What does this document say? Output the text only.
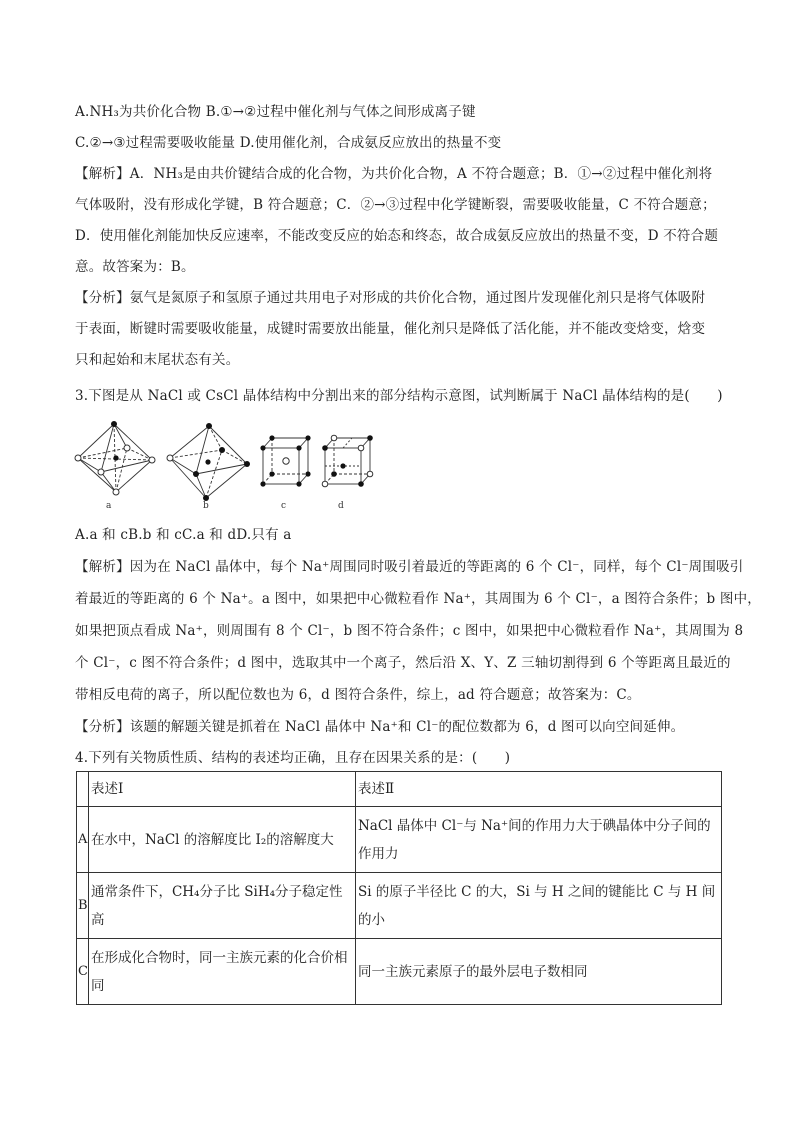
A.NH₃为共价化合物 B.①→②过程中催化剂与气体之间形成离子键
C.②→③过程需要吸收能量 D.使用催化剂，合成氨反应放出的热量不变
【解析】A．NH₃是由共价键结合成的化合物，为共价化合物，A 不符合题意；B．①→②过程中催化剂将
气体吸附，没有形成化学键，B 符合题意；C．②→③过程中化学键断裂，需要吸收能量，C 不符合题意；
D．使用催化剂能加快反应速率，不能改变反应的始态和终态，故合成氨反应放出的热量不变，D 不符合题
意。故答案为：B。
【分析】氨气是氮原子和氢原子通过共用电子对形成的共价化合物，通过图片发现催化剂只是将气体吸附
于表面，断键时需要吸收能量，成键时需要放出能量，催化剂只是降低了活化能，并不能改变焓变，焓变
只和起始和末尾状态有关。
3.下图是从 NaCl 或 CsCl 晶体结构中分割出来的部分结构示意图，试判断属于 NaCl 晶体结构的是(　　)
a	b	c	d
A.a 和 cB.b 和 cC.a 和 dD.只有 a
【解析】因为在 NaCl 晶体中，每个 Na⁺周围同时吸引着最近的等距离的 6 个 Cl⁻，同样，每个 Cl⁻周围吸引
着最近的等距离的 6 个 Na⁺。a 图中，如果把中心微粒看作 Na⁺，其周围为 6 个 Cl⁻，a 图符合条件；b 图中，
如果把顶点看成 Na⁺，则周围有 8 个 Cl⁻，b 图不符合条件；c 图中，如果把中心微粒看作 Na⁺，其周围为 8
个 Cl⁻，c 图不符合条件；d 图中，选取其中一个离子，然后沿 X、Y、Z 三轴切割得到 6 个等距离且最近的
带相反电荷的离子，所以配位数也为 6，d 图符合条件，综上，ad 符合题意；故答案为：C。
【分析】该题的解题关键是抓着在 NaCl 晶体中 Na⁺和 Cl⁻的配位数都为 6，d 图可以向空间延伸。
4.下列有关物质性质、结构的表述均正确，且存在因果关系的是：(　　)
	表述Ⅰ	表述Ⅱ
A	在水中，NaCl 的溶解度比 I₂的溶解度大	NaCl 晶体中 Cl⁻与 Na⁺间的作用力大于碘晶体中分子间的作用力
B	通常条件下，CH₄分子比 SiH₄分子稳定性高	Si 的原子半径比 C 的大，Si 与 H 之间的键能比 C 与 H 间的小
C	在形成化合物时，同一主族元素的化合价相同	同一主族元素原子的最外层电子数相同
